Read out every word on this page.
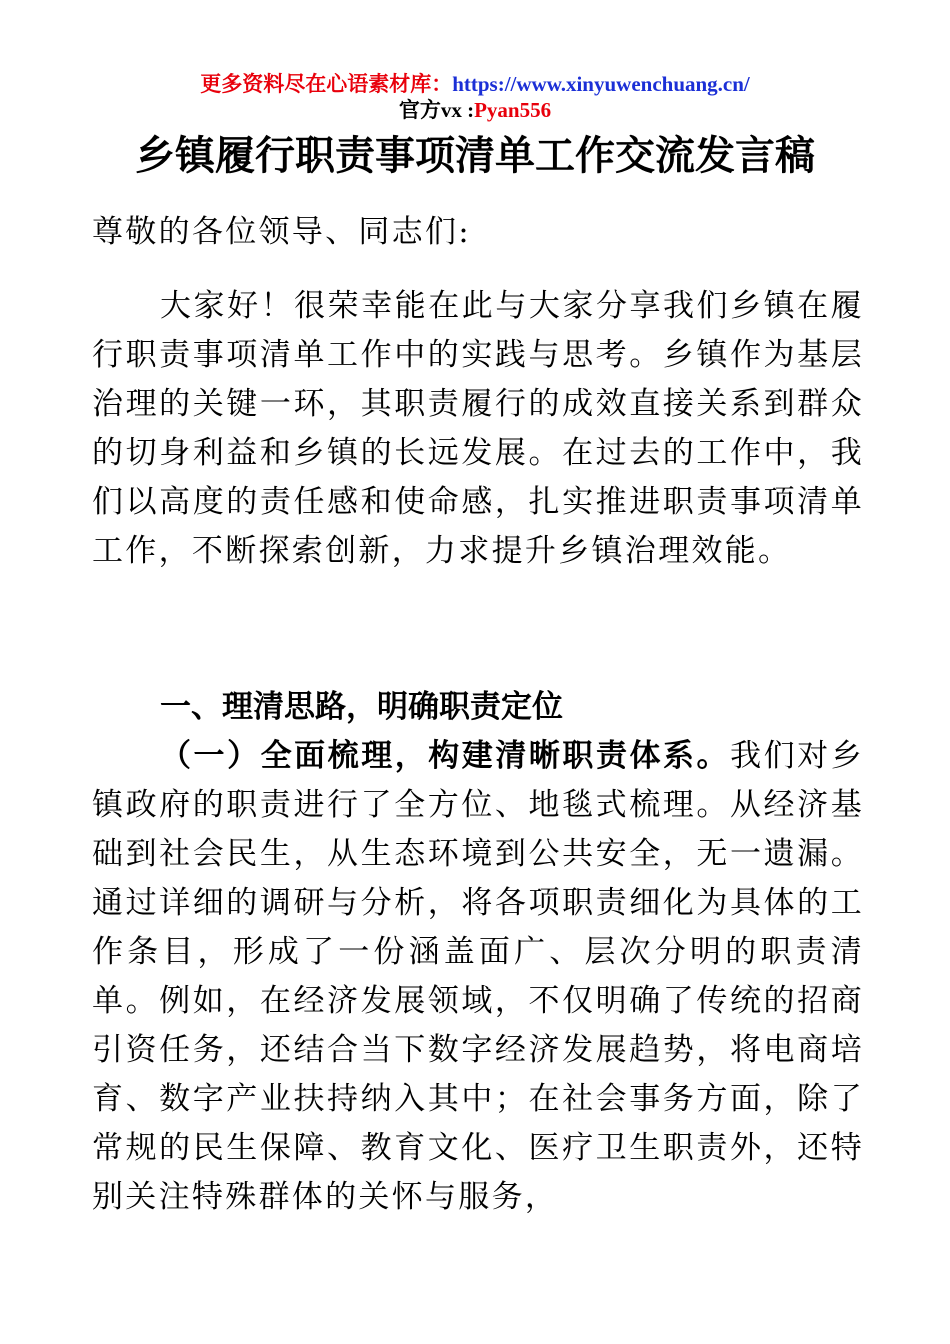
更多资料尽在心语素材库：https://www.xinyuwenchuang.cn/
官方vx :Pyan556
乡镇履行职责事项清单工作交流发言稿

尊敬的各位领导、同志们:

大家好！很荣幸能在此与大家分享我们乡镇在履行职责事项清单工作中的实践与思考。乡镇作为基层治理的关键一环，其职责履行的成效直接关系到群众的切身利益和乡镇的长远发展。在过去的工作中，我们以高度的责任感和使命感，扎实推进职责事项清单工作，不断探索创新，力求提升乡镇治理效能。

一、理清思路，明确职责定位

（一）全面梳理，构建清晰职责体系。我们对乡镇政府的职责进行了全方位、地毯式梳理。从经济基础到社会民生，从生态环境到公共安全，无一遗漏。通过详细的调研与分析，将各项职责细化为具体的工作条目，形成了一份涵盖面广、层次分明的职责清单。例如，在经济发展领域，不仅明确了传统的招商引资任务，还结合当下数字经济发展趋势，将电商培育、数字产业扶持纳入其中；在社会事务方面，除了常规的民生保障、教育文化、医疗卫生职责外，还特别关注特殊群体的关怀与服务，
